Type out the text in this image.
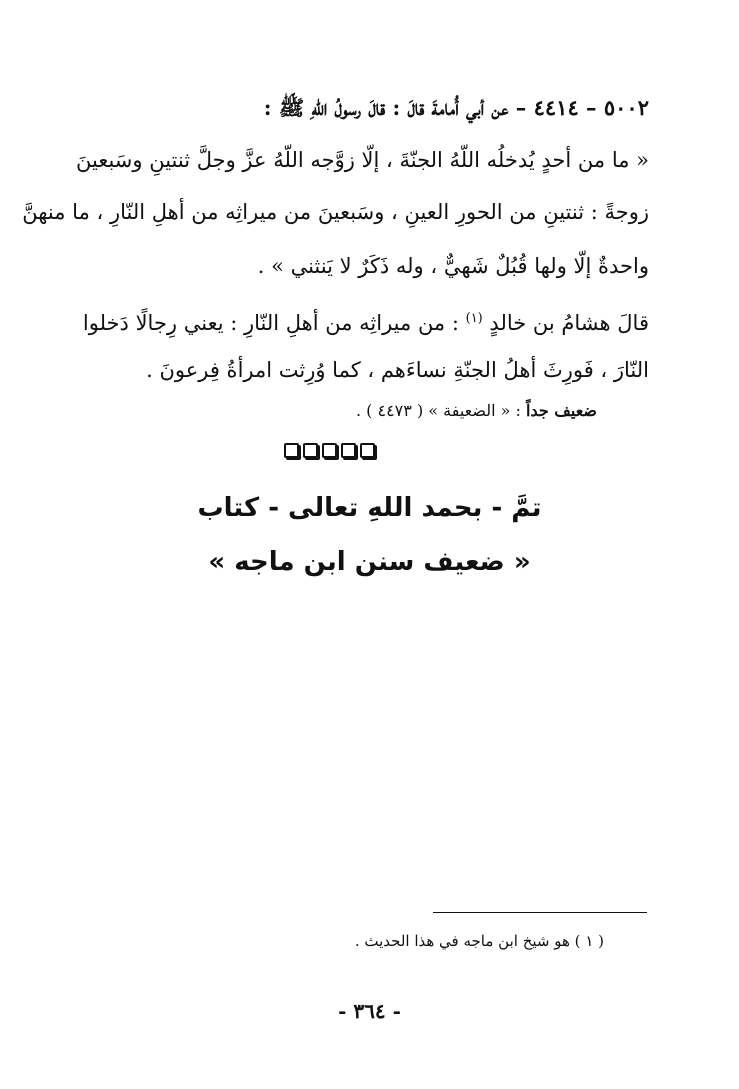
٥٠٠٢ – ٤٤١٤ – عن أبي أُمامةَ قالَ : قالَ رسولُ اللّهِ ﷺ :
« ما من أحدٍ يُدخلُه اللّهُ الجنّةَ ، إلّا زوَّجه اللّهُ عزَّ وجلَّ ثنتينِ وسَبعينَ
زوجةً : ثنتينِ من الحورِ العينِ ، وسَبعينَ من ميراثِه من أهلِ النّارِ ، ما منهنَّ
واحدةٌ إلّا ولها قُبُلٌ شَهيٌّ ، وله ذَكَرٌ لا يَنثني » .
قالَ هشامُ بن خالدٍ $^{(١)}$ : من ميراثِه من أهلِ النّارِ : يعني رِجالًا دَخلوا
النّارَ ، فَورِثَ أهلُ الجنّةِ نساءَهم ، كما وُرِثت امرأةُ فِرعونَ .
ضعيف جداً : « الضعيفة » ( ٤٤٧٣ ) .
تمَّ - بحمد اللهِ تعالى - كتاب
« ضعيف سنن ابن ماجه »
( ١ ) هو شيخ ابن ماجه في هذا الحديث .
- ٣٦٤ -
